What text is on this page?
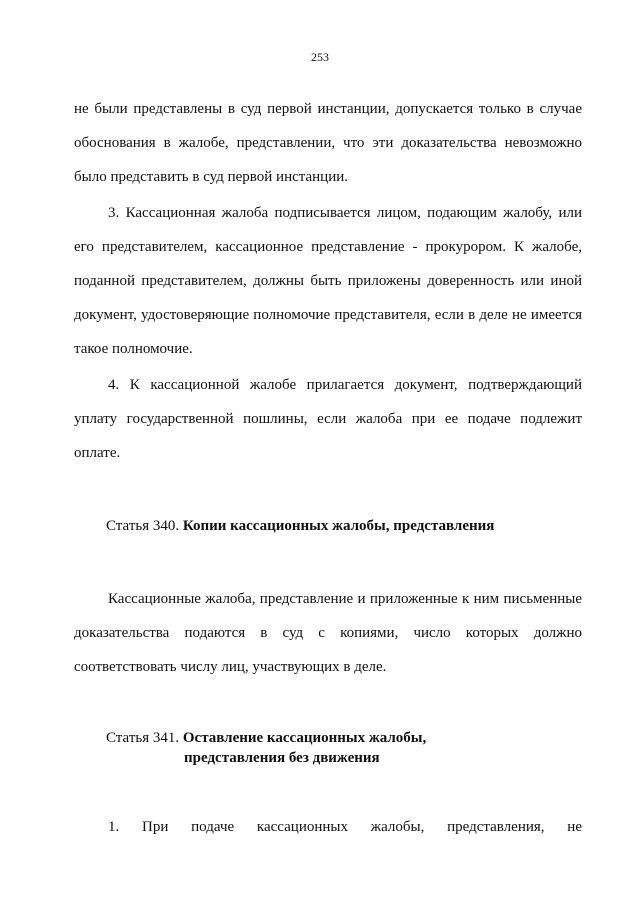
253

не были представлены в суд первой инстанции, допускается только в случае обоснования в жалобе, представлении, что эти доказательства невозможно было представить в суд первой инстанции.

3. Кассационная жалоба подписывается лицом, подающим жалобу, или его представителем, кассационное представление - прокурором. К жалобе, поданной представителем, должны быть приложены доверенность или иной документ, удостоверяющие полномочие представителя, если в деле не имеется такое полномочие.

4. К кассационной жалобе прилагается документ, подтверждающий уплату государственной пошлины, если жалоба при ее подаче подлежит оплате.

Статья 340. Копии кассационных жалобы, представления

Кассационные жалоба, представление и приложенные к ним письменные доказательства подаются в суд с копиями, число которых должно соответствовать числу лиц, участвующих в деле.

Статья 341. Оставление кассационных жалобы,
представления без движения

1. При подаче кассационных жалобы, представления, не
